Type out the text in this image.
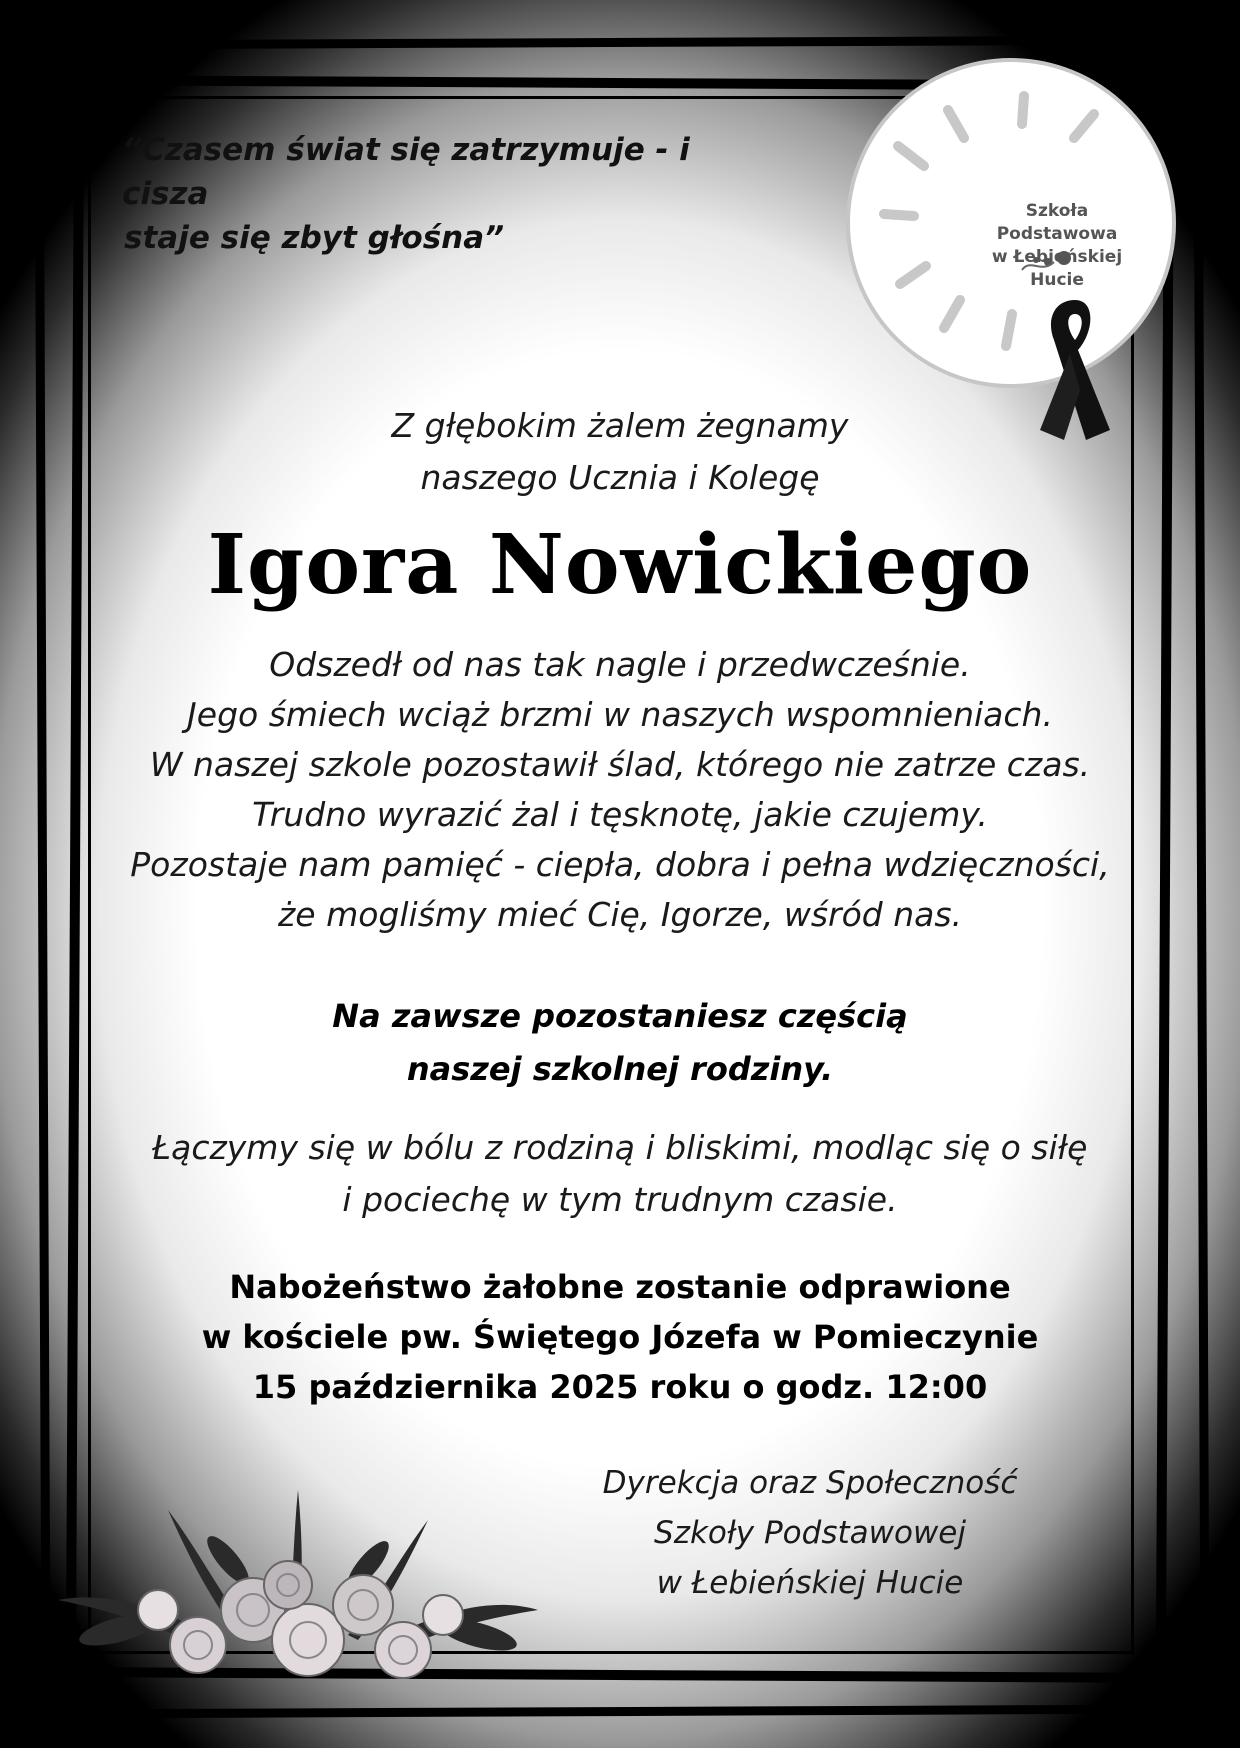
“Czasem świat się zatrzymuje - i cisza
staje się zbyt głośna”

Szkoła Podstawowa
w Łebieńskiej Hucie

Z głębokim żalem żegnamy
naszego Ucznia i Kolegę

Igora Nowickiego

Odszedł od nas tak nagle i przedwcześnie.
Jego śmiech wciąż brzmi w naszych wspomnieniach.
W naszej szkole pozostawił ślad, którego nie zatrze czas.
Trudno wyrazić żal i tęsknotę, jakie czujemy.
Pozostaje nam pamięć - ciepła, dobra i pełna wdzięczności,
że mogliśmy mieć Cię, Igorze, wśród nas.

Na zawsze pozostaniesz częścią
naszej szkolnej rodziny.

Łączymy się w bólu z rodziną i bliskimi, modląc się o siłę
i pociechę w tym trudnym czasie.

Nabożeństwo żałobne zostanie odprawione
w kościele pw. Świętego Józefa w Pomieczynie
15 października 2025 roku o godz. 12:00

Dyrekcja oraz Społeczność
Szkoły Podstawowej
w Łebieńskiej Hucie
